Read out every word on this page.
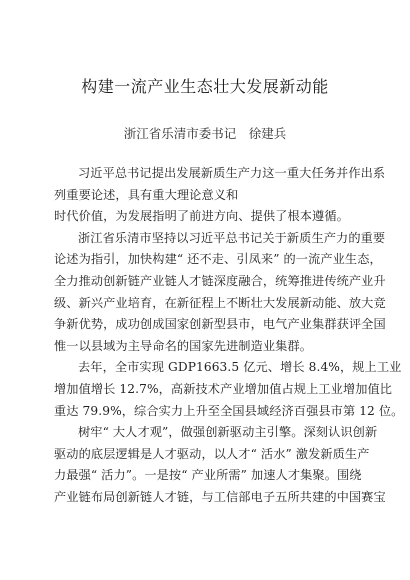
构建一流产业生态壮大发展新动能
浙江省乐清市委书记　徐建兵
习近平总书记提出发展新质生产力这一重大任务并作出系
列重要论述，具有重大理论意义和
时代价值，为发展指明了前进方向、提供了根本遵循。
浙江省乐清市坚持以习近平总书记关于新质生产力的重要
论述为指引，加快构建“ 还不走、引凤来” 的一流产业生态，
全力推动创新链产业链人才链深度融合，统筹推进传统产业升
级、新兴产业培育，在新征程上不断壮大发展新动能、放大竞
争新优势，成功创成国家创新型县市，电气产业集群获评全国
惟一以县域为主导命名的国家先进制造业集群。
去年，全市实现 GDP1663.5 亿元、增长 8.4%，规上工业
增加值增长 12.7%，高新技术产业增加值占规上工业增加值比
重达 79.9%，综合实力上升至全国县域经济百强县市第 12 位。
树牢“ 大人才观”，做强创新驱动主引擎。深刻认识创新
驱动的底层逻辑是人才驱动，以人才“ 活水” 激发新质生产
力最强“ 活力”。一是按“ 产业所需” 加速人才集聚。围绕
产业链布局创新链人才链，与工信部电子五所共建的中国赛宝
